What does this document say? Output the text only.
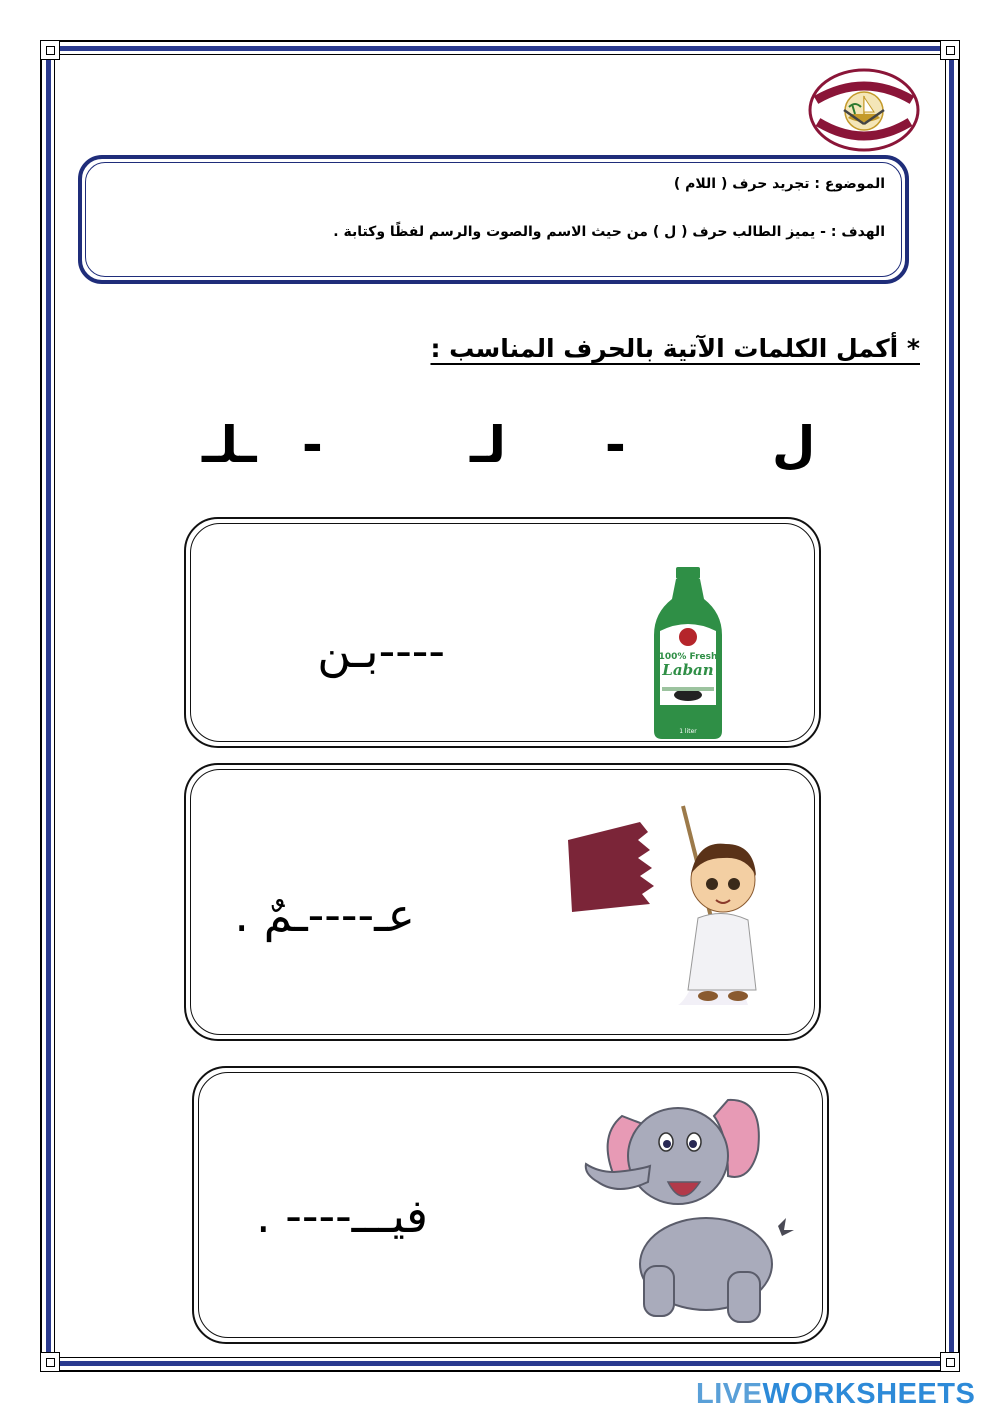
الموضوع : تجريد حرف ( اللام )
الهدف : - يميز الطالب حرف ( ل ) من حيث الاسم والصوت والرسم لفظًا وكتابة .
* أكمل الكلمات الآتية بالحرف المناسب :
ل
-
لـ
-
ـلـ
----بـن	100% Fresh
Laban
1 liter
عـ----ـمٌ .
فيـــ---- .
LIVEWORKSHEETS
